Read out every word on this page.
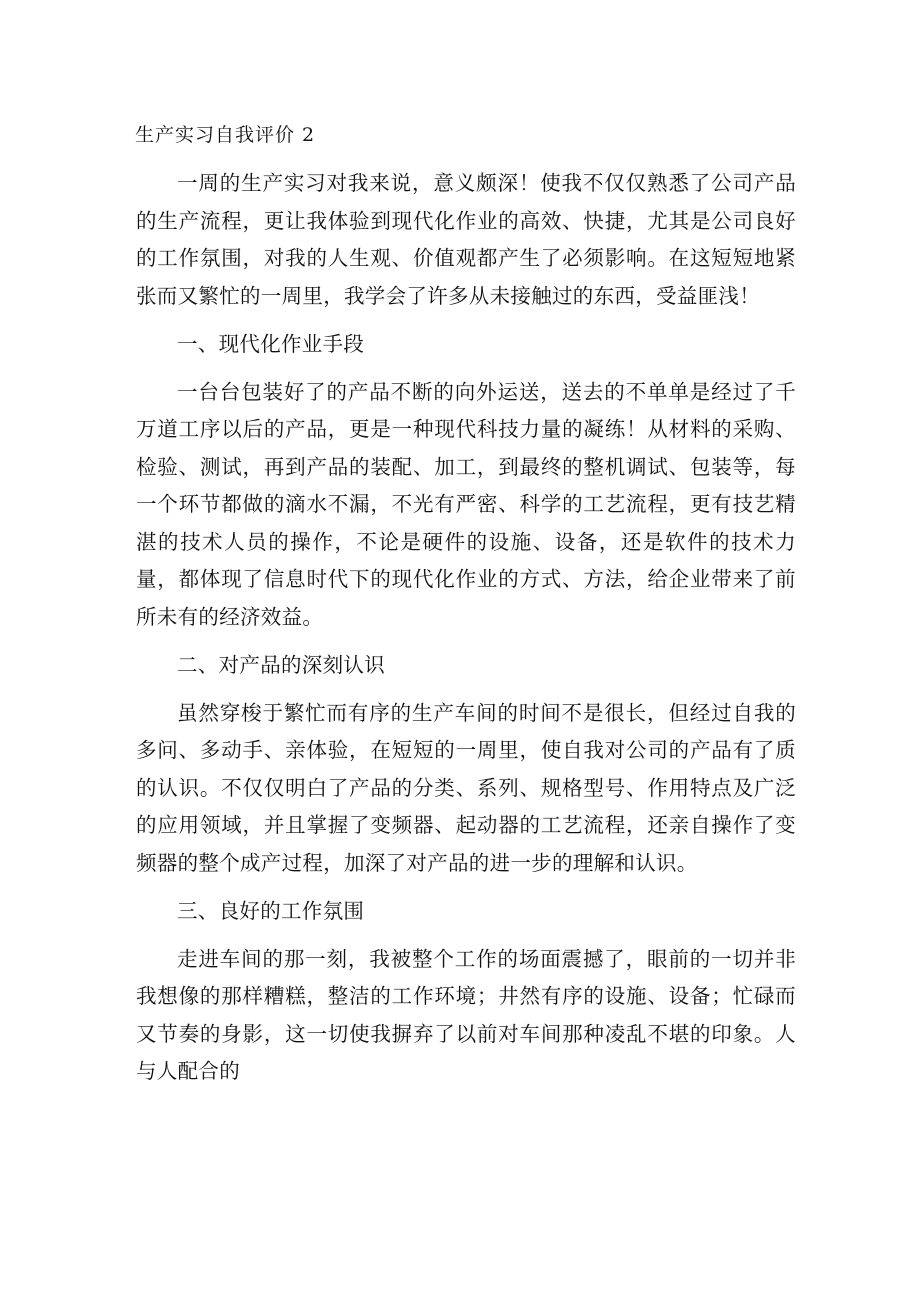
生产实习自我评价 2

一周的生产实习对我来说，意义颇深！使我不仅仅熟悉了公司产品的生产流程，更让我体验到现代化作业的高效、快捷，尤其是公司良好的工作氛围，对我的人生观、价值观都产生了必须影响。在这短短地紧张而又繁忙的一周里，我学会了许多从未接触过的东西，受益匪浅！

一、现代化作业手段

一台台包装好了的产品不断的向外运送，送去的不单单是经过了千万道工序以后的产品，更是一种现代科技力量的凝练！从材料的采购、检验、测试，再到产品的装配、加工，到最终的整机调试、包装等，每一个环节都做的滴水不漏，不光有严密、科学的工艺流程，更有技艺精湛的技术人员的操作，不论是硬件的设施、设备，还是软件的技术力量，都体现了信息时代下的现代化作业的方式、方法，给企业带来了前所未有的经济效益。

二、对产品的深刻认识

虽然穿梭于繁忙而有序的生产车间的时间不是很长，但经过自我的多问、多动手、亲体验，在短短的一周里，使自我对公司的产品有了质的认识。不仅仅明白了产品的分类、系列、规格型号、作用特点及广泛的应用领域，并且掌握了变频器、起动器的工艺流程，还亲自操作了变频器的整个成产过程，加深了对产品的进一步的理解和认识。

三、良好的工作氛围

走进车间的那一刻，我被整个工作的场面震撼了，眼前的一切并非我想像的那样糟糕，整洁的工作环境；井然有序的设施、设备；忙碌而又节奏的身影，这一切使我摒弃了以前对车间那种凌乱不堪的印象。人与人配合的
